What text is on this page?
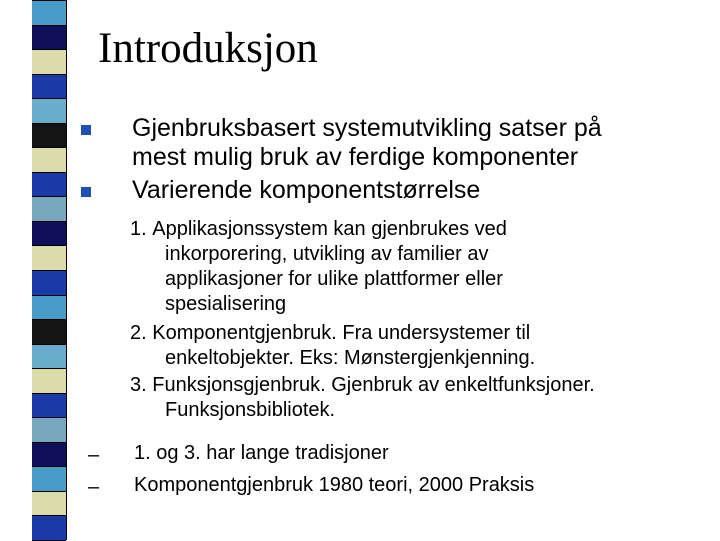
Introduksjon
Gjenbruksbasert systemutvikling satser på
mest mulig bruk av ferdige komponenter
Varierende komponentstørrelse
1. Applikasjonssystem kan gjenbrukes ved
inkorporering, utvikling av familier av
applikasjoner for ulike plattformer eller
spesialisering
2. Komponentgjenbruk. Fra undersystemer til
enkeltobjekter. Eks: Mønstergjenkjenning.
3. Funksjonsgjenbruk. Gjenbruk av enkeltfunksjoner.
Funksjonsbibliotek.
– 1. og 3. har lange tradisjoner
– Komponentgjenbruk 1980 teori, 2000 Praksis
